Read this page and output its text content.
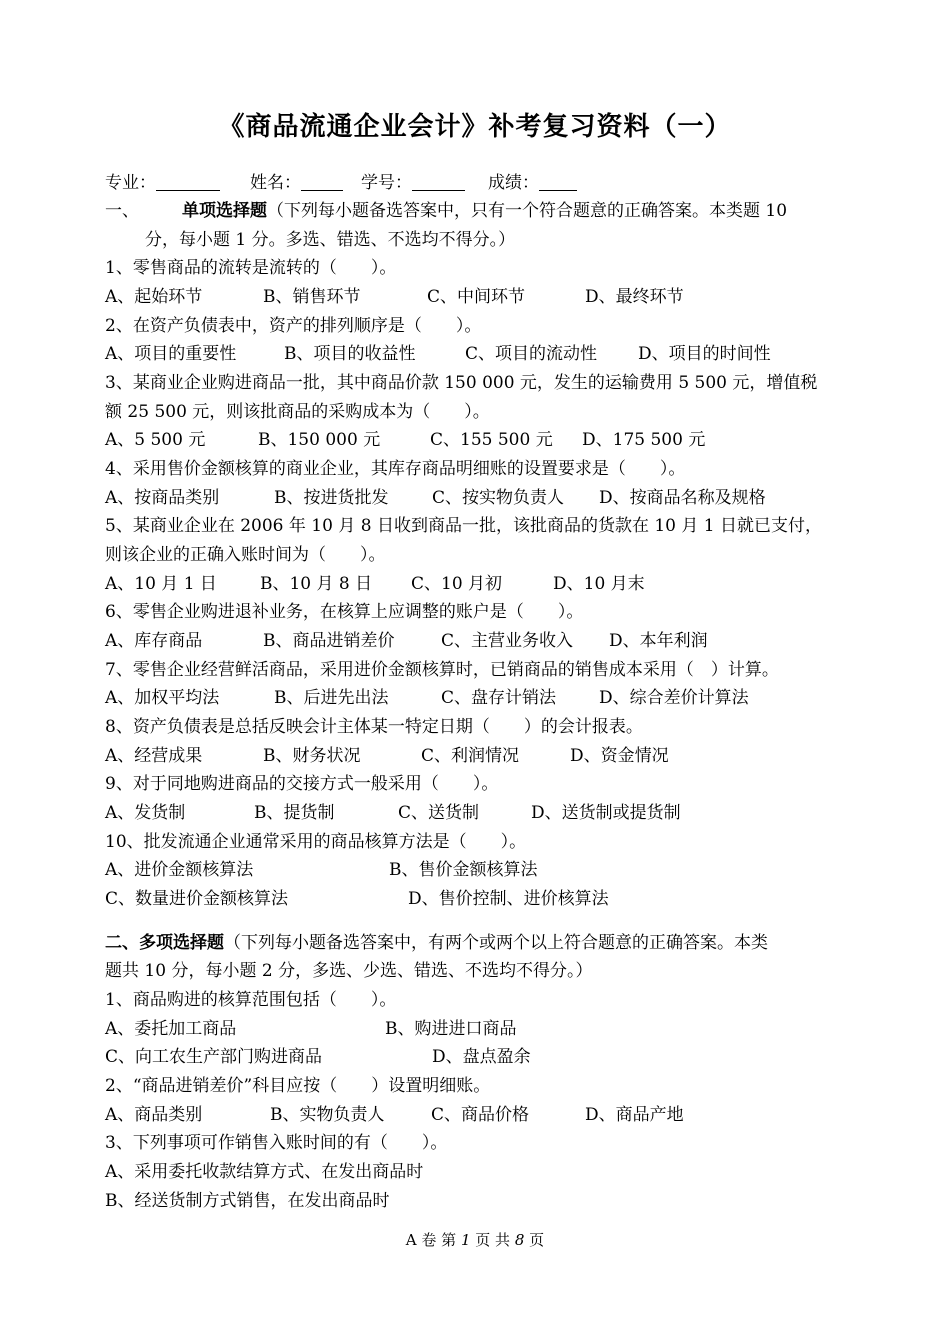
《商品流通企业会计》补考复习资料（一）
专业：	姓名：	学号：	成绩：
一、	单项选择题（下列每小题备选答案中，只有一个符合题意的正确答案。本类题 10
分，每小题 1 分。多选、错选、不选均不得分。）
1、零售商品的流转是流转的（　　）。
A、起始环节	B、销售环节	C、中间环节	D、最终环节
2、在资产负债表中，资产的排列顺序是（　　）。
A、项目的重要性	B、项目的收益性	C、项目的流动性 D、项目的时间性
3、某商业企业购进商品一批，其中商品价款 150 000 元，发生的运输费用 5 500 元，增值税
额 25 500 元，则该批商品的采购成本为（　　）。
A、5 500 元	B、150 000 元	C、155 500 元 D、175 500 元
4、采用售价金额核算的商业企业，其库存商品明细账的设置要求是（　　）。
A、按商品类别	B、按进货批发	C、按实物负责人 D、按商品名称及规格
5、某商业企业在 2006 年 10 月 8 日收到商品一批，该批商品的货款在 10 月 1 日就已支付，
则该企业的正确入账时间为（　　）。
A、10 月 1 日	B、10 月 8 日 C、10 月初	D、10 月末
6、零售企业购进退补业务，在核算上应调整的账户是（　　）。
A、库存商品	B、商品进销差价	C、主营业务收入 D、本年利润
7、零售企业经营鲜活商品，采用进价金额核算时，已销商品的销售成本采用（　）计算。
A、加权平均法	B、后进先出法	C、盘存计销法	D、综合差价计算法
8、资产负债表是总括反映会计主体某一特定日期（　　）的会计报表。
A、经营成果	B、财务状况	C、利润情况	D、资金情况
9、对于同地购进商品的交接方式一般采用（　　）。
A、发货制	B、提货制	C、送货制	D、送货制或提货制
10、批发流通企业通常采用的商品核算方法是（　　）。
A、进价金额核算法	B、售价金额核算法
C、数量进价金额核算法	D、售价控制、进价核算法
二、多项选择题（下列每小题备选答案中，有两个或两个以上符合题意的正确答案。本类
题共 10 分，每小题 2 分，多选、少选、错选、不选均不得分。）
1、商品购进的核算范围包括（　　）。
A、委托加工商品	B、购进进口商品
C、向工农生产部门购进商品	D、盘点盈余
2、“商品进销差价”科目应按（　　）设置明细账。
A、商品类别	B、实物负责人	C、商品价格	D、商品产地
3、下列事项可作销售入账时间的有（　　）。
A、采用委托收款结算方式、在发出商品时
B、经送货制方式销售，在发出商品时
A 卷 第 1 页 共 8 页
